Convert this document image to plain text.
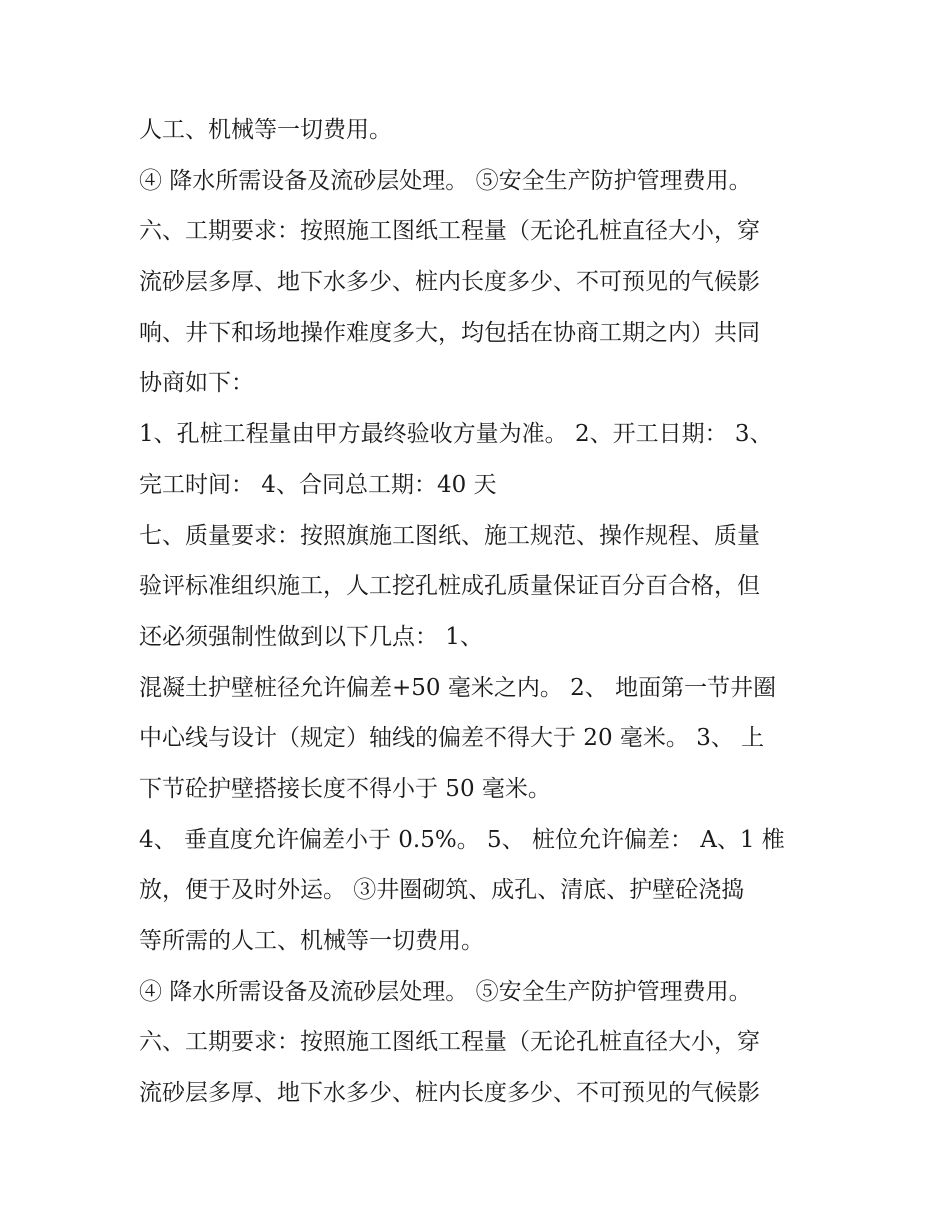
人工、机械等一切费用。
④ 降水所需设备及流砂层处理。 ⑤安全生产防护管理费用。
六、工期要求：按照施工图纸工程量（无论孔桩直径大小，穿
流砂层多厚、地下水多少、桩内长度多少、不可预见的气候影
响、井下和场地操作难度多大，均包括在协商工期之内）共同
协商如下：
1、孔桩工程量由甲方最终验收方量为准。 2、开工日期： 3、
完工时间： 4、合同总工期：40 天
七、质量要求：按照旗施工图纸、施工规范、操作规程、质量
验评标准组织施工，人工挖孔桩成孔质量保证百分百合格，但
还必须强制性做到以下几点： 1、
混凝土护壁桩径允许偏差+50 毫米之内。 2、 地面第一节井圈
中心线与设计（规定）轴线的偏差不得大于 20 毫米。 3、 上
下节砼护壁搭接长度不得小于 50 毫米。
4、 垂直度允许偏差小于 0.5%。 5、 桩位允许偏差： A、1 椎
放，便于及时外运。 ③井圈砌筑、成孔、清底、护壁砼浇捣
等所需的人工、机械等一切费用。
④ 降水所需设备及流砂层处理。 ⑤安全生产防护管理费用。
六、工期要求：按照施工图纸工程量（无论孔桩直径大小，穿
流砂层多厚、地下水多少、桩内长度多少、不可预见的气候影
